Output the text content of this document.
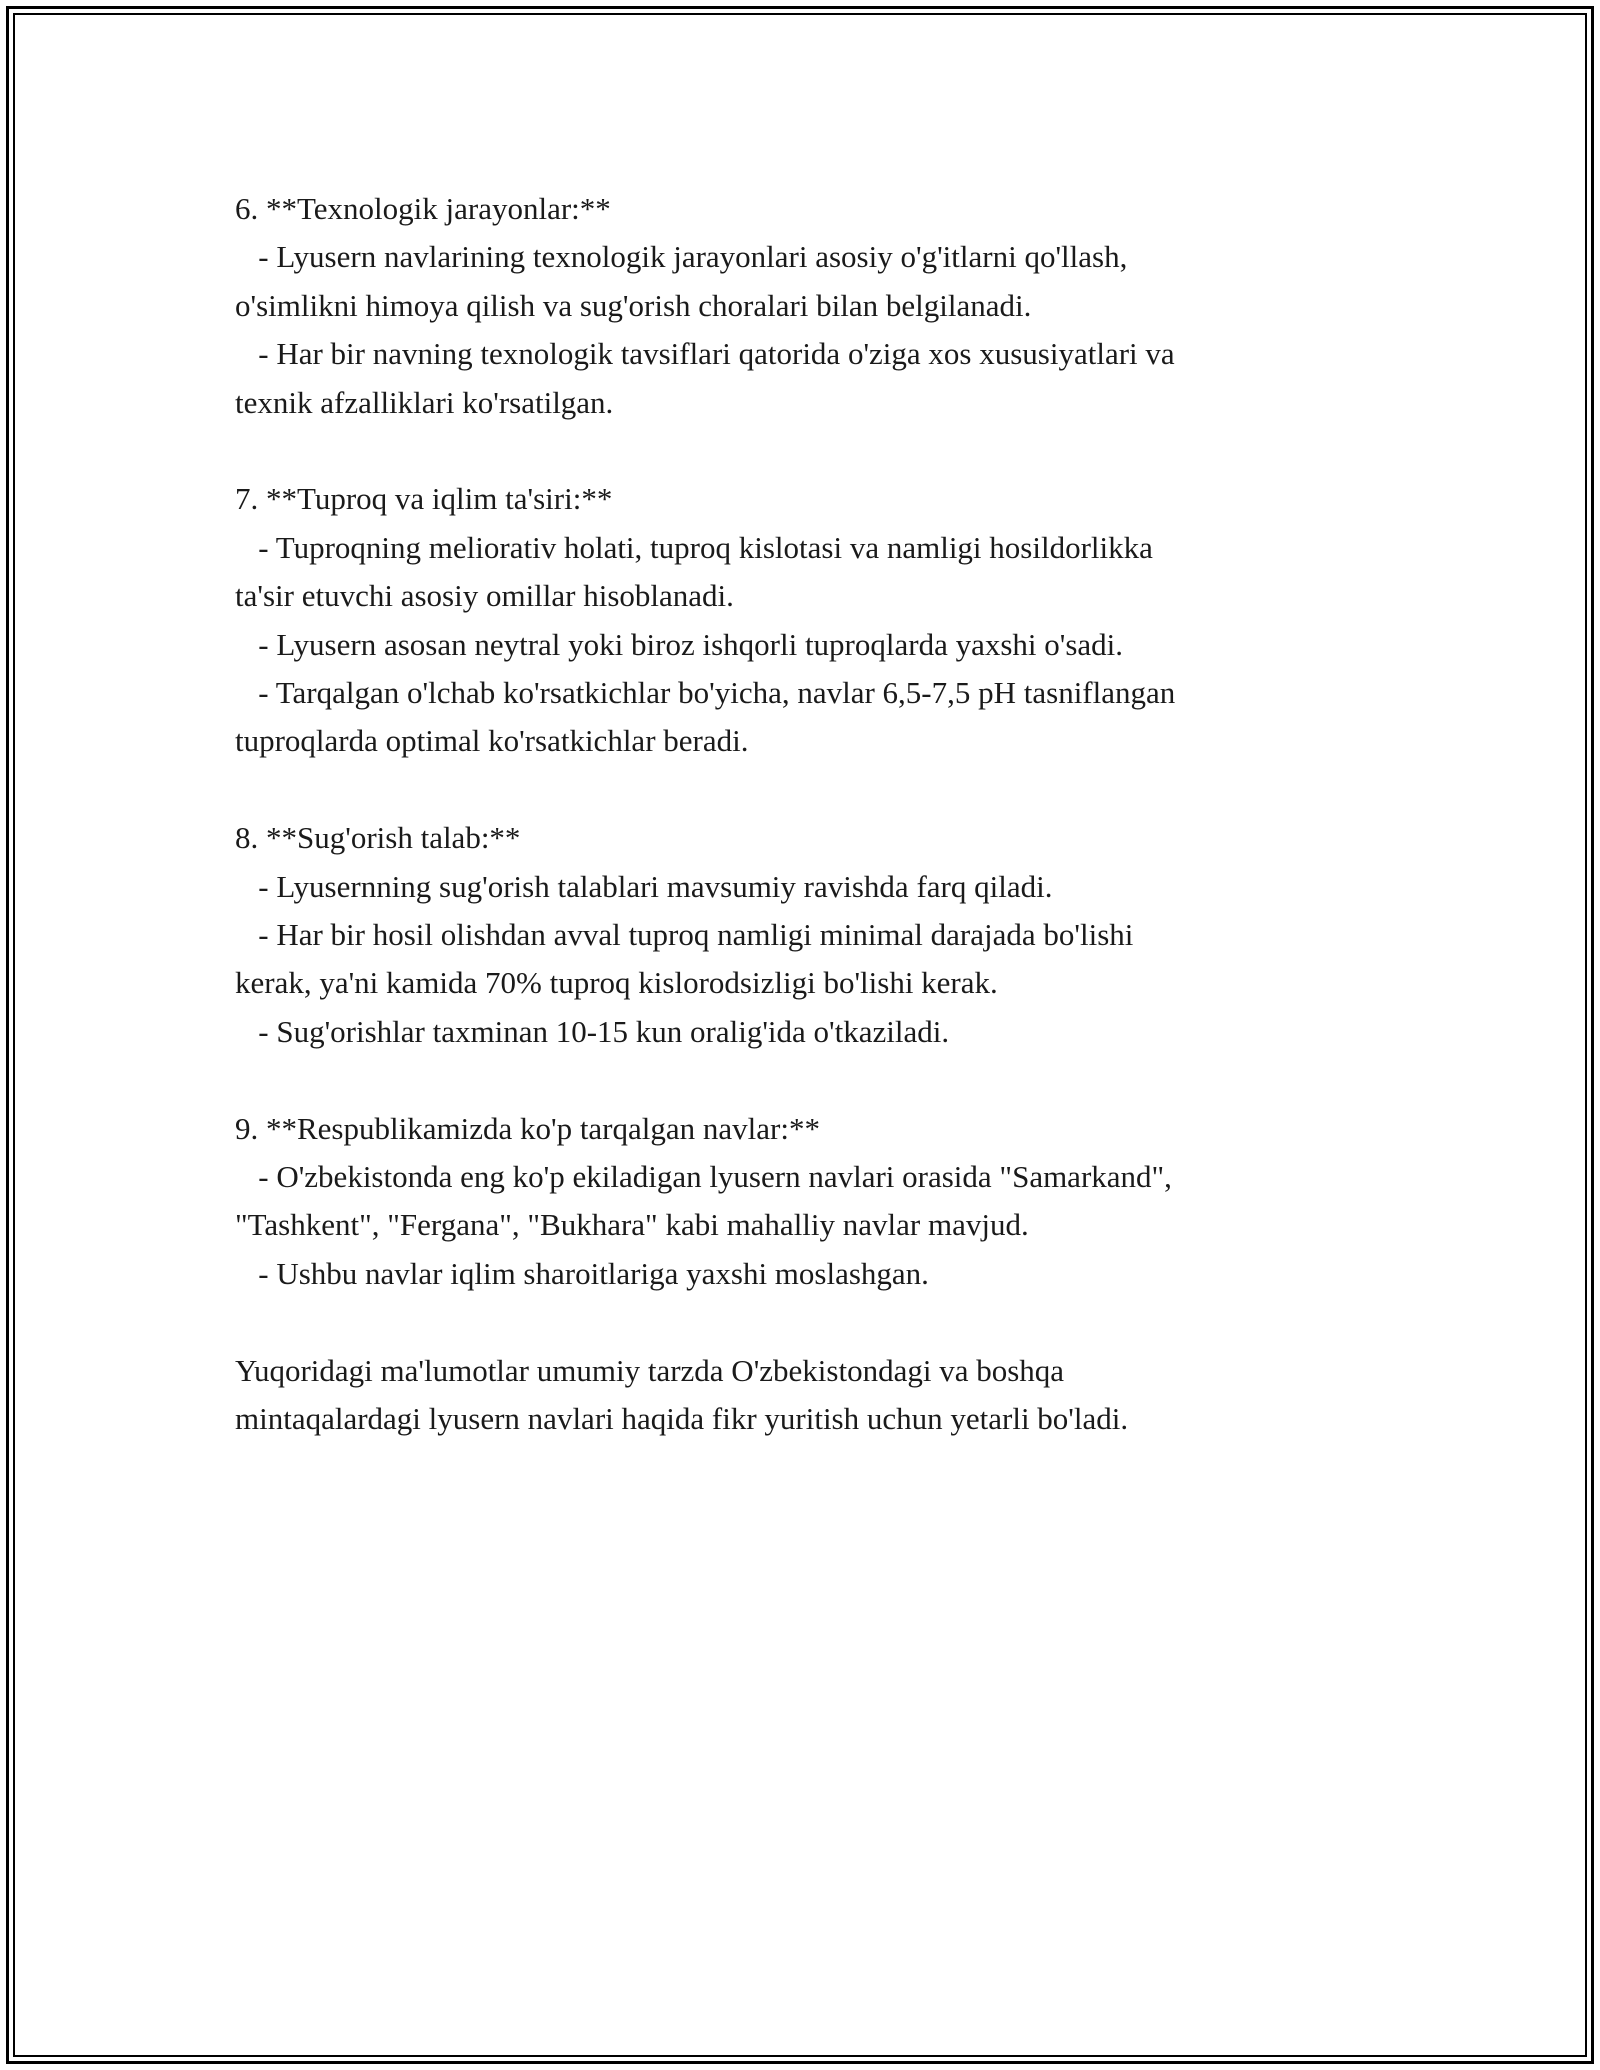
6. **Texnologik jarayonlar:**
- Lyusern navlarining texnologik jarayonlari asosiy o'g'itlarni qo'llash,
o'simlikni himoya qilish va sug'orish choralari bilan belgilanadi.
- Har bir navning texnologik tavsiflari qatorida o'ziga xos xususiyatlari va
texnik afzalliklari ko'rsatilgan.
7. **Tuproq va iqlim ta'siri:**
- Tuproqning meliorativ holati, tuproq kislotasi va namligi hosildorlikka
ta'sir etuvchi asosiy omillar hisoblanadi.
- Lyusern asosan neytral yoki biroz ishqorli tuproqlarda yaxshi o'sadi.
- Tarqalgan o'lchab ko'rsatkichlar bo'yicha, navlar 6,5-7,5 pH tasniflangan
tuproqlarda optimal ko'rsatkichlar beradi.
8. **Sug'orish talab:**
- Lyusernning sug'orish talablari mavsumiy ravishda farq qiladi.
- Har bir hosil olishdan avval tuproq namligi minimal darajada bo'lishi
kerak, ya'ni kamida 70% tuproq kislorodsizligi bo'lishi kerak.
- Sug'orishlar taxminan 10-15 kun oralig'ida o'tkaziladi.
9. **Respublikamizda ko'p tarqalgan navlar:**
- O'zbekistonda eng ko'p ekiladigan lyusern navlari orasida "Samarkand",
"Tashkent", "Fergana", "Bukhara" kabi mahalliy navlar mavjud.
- Ushbu navlar iqlim sharoitlariga yaxshi moslashgan.
Yuqoridagi ma'lumotlar umumiy tarzda O'zbekistondagi va boshqa
mintaqalardagi lyusern navlari haqida fikr yuritish uchun yetarli bo'ladi.
